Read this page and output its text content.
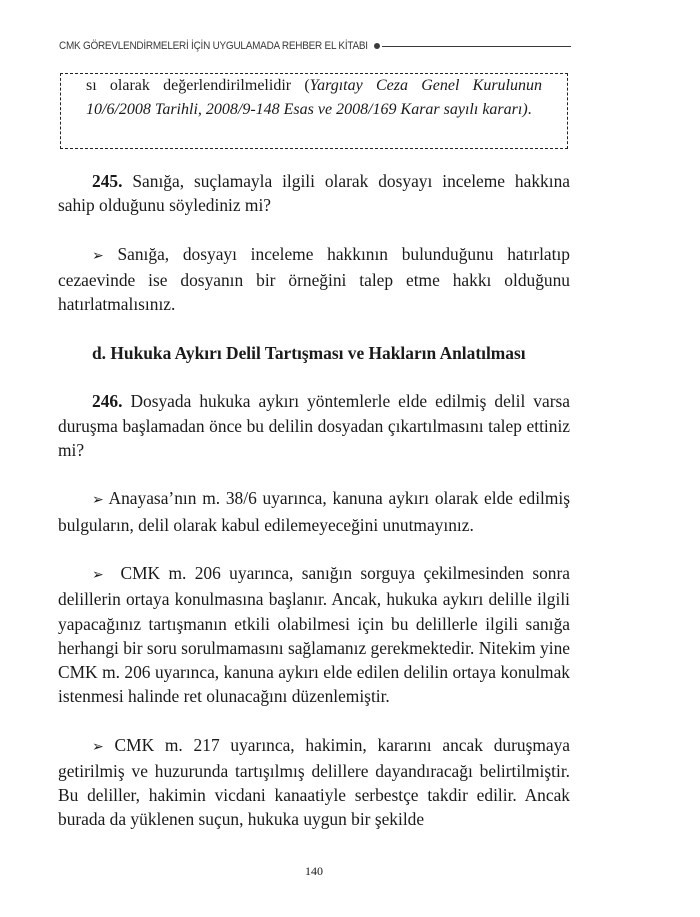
CMK GÖREVLENDİRMELERİ İÇİN UYGULAMADA REHBER EL KİTABI
sı olarak değerlendirilmelidir (Yargıtay Ceza Genel Kurulunun 10/6/2008 Tarihli, 2008/9-148 Esas ve 2008/169 Karar sayılı kararı).

245. Sanığa, suçlamayla ilgili olarak dosyayı inceleme hakkına sahip olduğunu söylediniz mi?

➢ Sanığa, dosyayı inceleme hakkının bulunduğunu hatırlatıp cezaevinde ise dosyanın bir örneğini talep etme hakkı olduğunu hatırlatmalısınız.

d. Hukuka Aykırı Delil Tartışması ve Hakların Anlatılması

246. Dosyada hukuka aykırı yöntemlerle elde edilmiş delil varsa duruşma başlamadan önce bu delilin dosyadan çıkartılmasını talep ettiniz mi?

➢ Anayasa’nın m. 38/6 uyarınca, kanuna aykırı olarak elde edilmiş bulguların, delil olarak kabul edilemeyeceğini unutmayınız.

➢ CMK m. 206 uyarınca, sanığın sorguya çekilmesinden sonra delillerin ortaya konulmasına başlanır. Ancak, hukuka aykırı delille ilgili yapacağınız tartışmanın etkili olabilmesi için bu delillerle ilgili sanığa herhangi bir soru sorulmamasını sağlamanız gerekmektedir. Nitekim yine CMK m. 206 uyarınca, kanuna aykırı elde edilen delilin ortaya konulmak istenmesi halinde ret olunacağını düzenlemiştir.

➢ CMK m. 217 uyarınca, hakimin, kararını ancak duruşmaya getirilmiş ve huzurunda tartışılmış delillere dayandıracağı belirtilmiştir. Bu deliller, hakimin vicdani kanaatiyle serbestçe takdir edilir. Ancak burada da yüklenen suçun, hukuka uygun bir şekilde

140
